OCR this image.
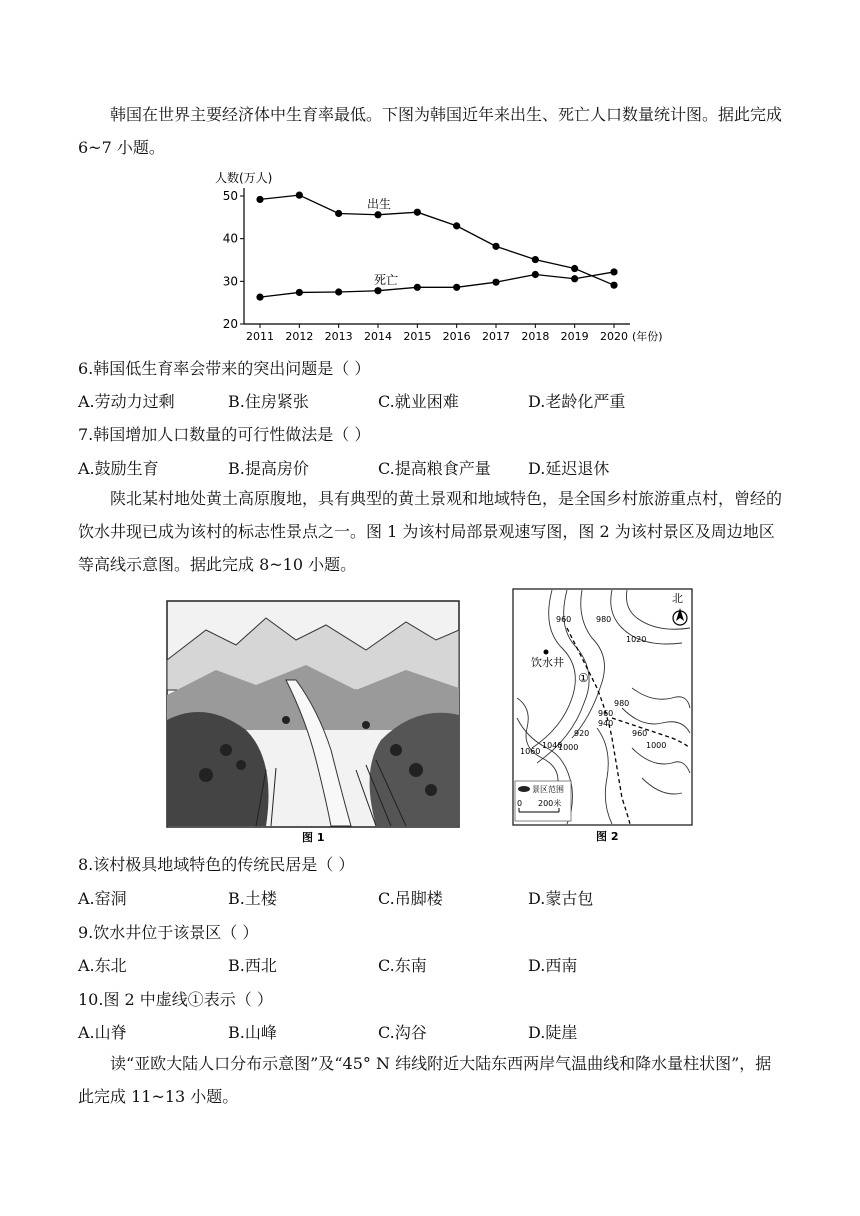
韩国在世界主要经济体中生育率最低。下图为韩国近年来出生、死亡人口数量统计图。据此完成 6~7 小题。

50
40
30
20
2011 2012 2013 2014 2015 2016 2017 2018 2019 2020 (年份)
人数(万人)
出生
死亡

6.韩国低生育率会带来的突出问题是（ ）

A.劳动力过剩	B.住房紧张	C.就业困难	D.老龄化严重

7.韩国增加人口数量的可行性做法是（ ）

A.鼓励生育	B.提高房价	C.提高粮食产量 D.延迟退休

陕北某村地处黄土高原腹地，具有典型的黄土景观和地域特色，是全国乡村旅游重点村，曾经的饮水井现已成为该村的标志性景点之一。图 1 为该村局部景观速写图，图 2 为该村景区及周边地区等高线示意图。据此完成 8~10 小题。

图 1
北
饮水井
①
1020
980
960
960
940
920	960
1000
1060
1040
1000
980
景区范围
0 200米
图 2

8.该村极具地域特色的传统民居是（ ）

A.窑洞	B.土楼	C.吊脚楼	D.蒙古包

9.饮水井位于该景区（ ）

A.东北	B.西北	C.东南	D.西南

10.图 2 中虚线①表示（ ）

A.山脊	B.山峰	C.沟谷	D.陡崖

读“亚欧大陆人口分布示意图”及“45° N 纬线附近大陆东西两岸气温曲线和降水量柱状图”，据此完成 11~13 小题。
